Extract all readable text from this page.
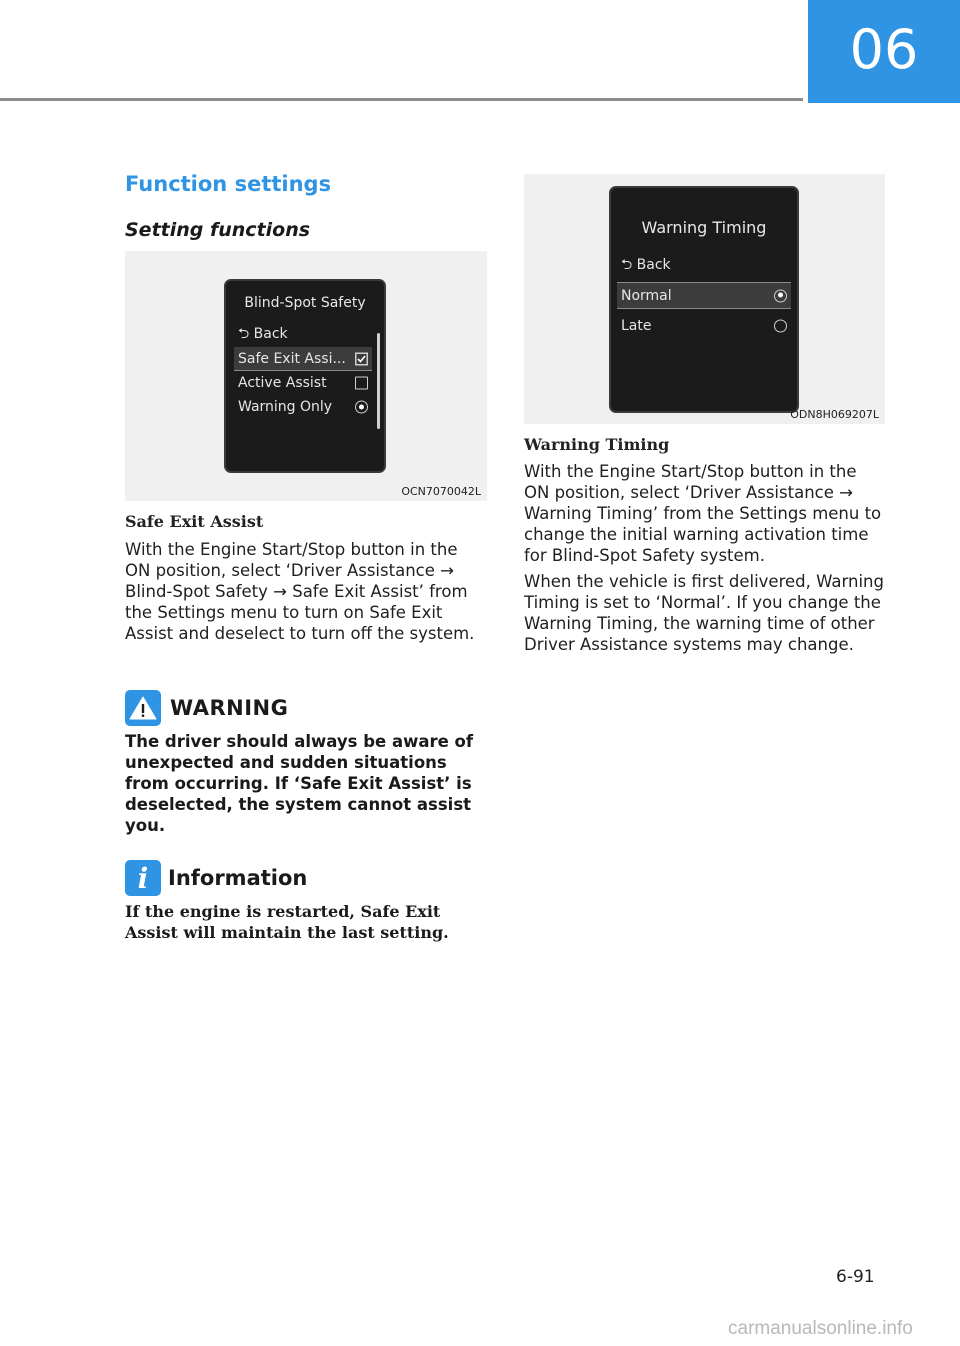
06
Function settings
Setting functions
Blind-Spot Safety
⮌ Back
Safe Exit Assi...
Active Assist
Warning Only
OCN7070042L
Safe Exit Assist
With the Engine Start/Stop button in the ON position, select ‘Driver Assistance → Blind-Spot Safety → Safe Exit Assist’ from the Settings menu to turn on Safe Exit Assist and deselect to turn off the system.
WARNING
The driver should always be aware of unexpected and sudden situations from occurring. If ‘Safe Exit Assist’ is deselected, the system cannot assist you.
i Information
If the engine is restarted, Safe Exit Assist will maintain the last setting.
Warning Timing
⮌ Back
Normal
Late
ODN8H069207L
Warning Timing

With the Engine Start/Stop button in the ON position, select ‘Driver Assistance → Warning Timing’ from the Settings menu to change the initial warning activation time for Blind-Spot Safety system.

When the vehicle is first delivered, Warning Timing is set to ‘Normal’. If you change the Warning Timing, the warning time of other Driver Assistance systems may change.

6-91
carmanualsonline.info
